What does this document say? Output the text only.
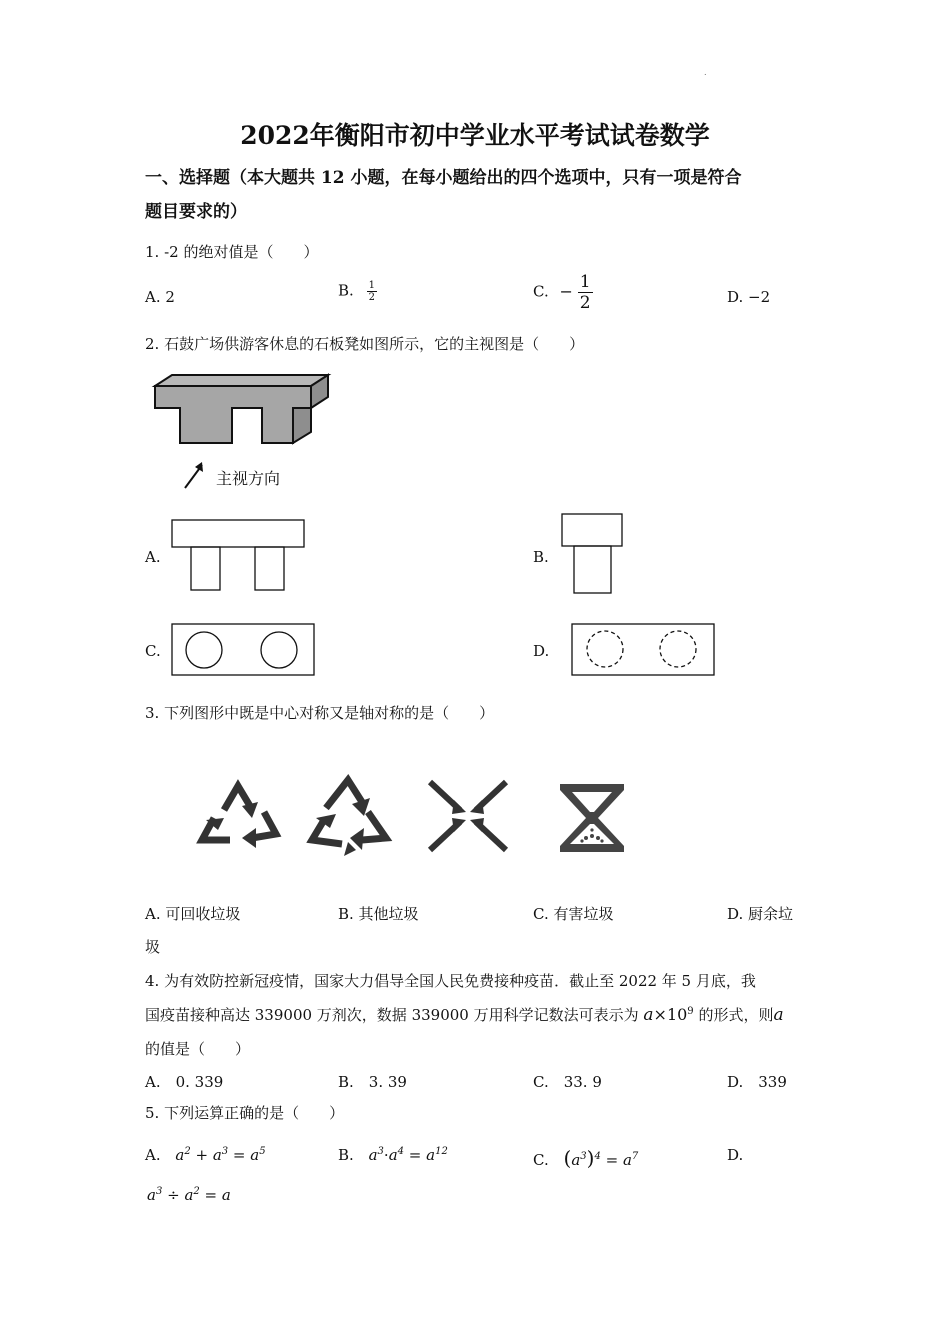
.
2022年衡阳市初中学业水平考试试卷数学
一、选择题（本大题共 12 小题，在每小题给出的四个选项中，只有一项是符合
题目要求的）
1. -2 的绝对值是（　　）
A. 2	B. $\frac{1}{2}$	C. − $\frac{1}{2}$	D. −2
2. 石鼓广场供游客休息的石板凳如图所示，它的主视图是（　　）
主视方向
A.	B.
C.	D.
3. 下列图形中既是中心对称又是轴对称的是（　　）
A. 可回收垃圾	B. 其他垃圾	C. 有害垃圾	D. 厨余垃
圾
4. 为有效防控新冠疫情，国家大力倡导全国人民免费接种疫苗．截止至 2022 年 5 月底，我
国疫苗接种高达 339000 万剂次，数据 339000 万用科学记数法可表示为 $a\times 10^9$ 的形式，则a
的值是（　　）
A.　0. 339	B.　3. 39	C.　33. 9	D.　339
5. 下列运算正确的是（　　）
A. $a^2 + a^3 = a^5$	B. $a^3\cdot a^4 = a^{12}$	C. $(a^3)^4 = a^7$	D.
$a^3 \div a^2 = a$
